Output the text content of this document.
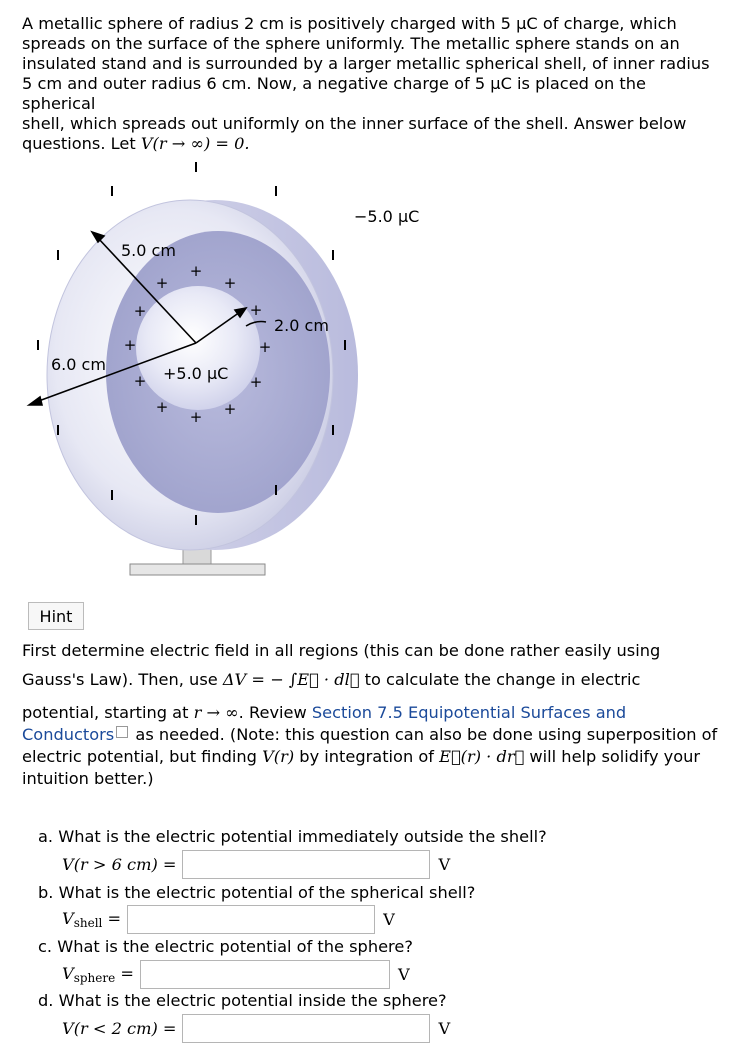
A metallic sphere of radius 2 cm is positively charged with 5 μC of charge, which
spreads on the surface of the sphere uniformly. The metallic sphere stands on an
insulated stand and is surrounded by a larger metallic spherical shell, of inner radius
5 cm and outer radius 6 cm. Now, a negative charge of 5 μC is placed on the spherical
shell, which spreads out uniformly on the inner surface of the shell. Answer below
questions. Let V(r → ∞) = 0.
+
+	+
+	+
+	+
+	+
+	+
+
−5.0 μC
5.0 cm
2.0 cm
6.0 cm	+5.0 μC
Hint

First determine electric field in all regions (this can be done rather easily using

Gauss's Law). Then, use ΔV = − ∫E⃗ · dl⃗ to calculate the change in electric

potential, starting at r → ∞. Review Section 7.5 Equipotential Surfaces and

Conductors as needed. (Note: this question can also be done using superposition of

electric potential, but finding V(r) by integration of E⃗(r) · dr⃗ will help solidify your

intuition better.)

a. What is the electric potential immediately outside the shell?
V(r > 6 cm) =	V
b. What is the electric potential of the spherical shell?
$V_{shell}$ =	V
c. What is the electric potential of the sphere?
$V_{sphere}$ =	V
d. What is the electric potential inside the sphere?
V(r < 2 cm) =	V
